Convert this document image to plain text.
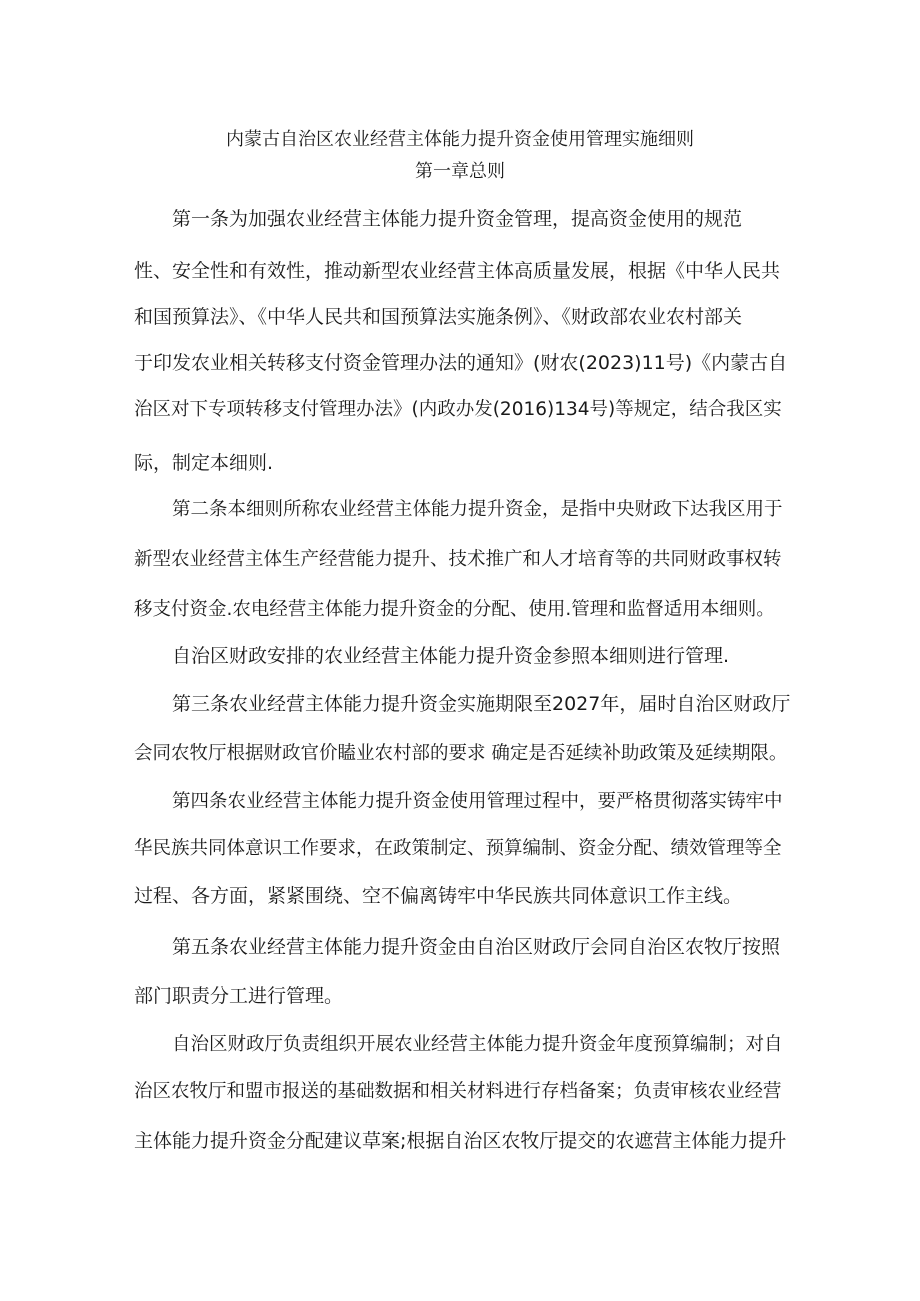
内蒙古自治区农业经营主体能力提升资金使用管理实施细则
第一章总则
第一条为加强农业经营主体能力提升资金管理，提高资金使用的规范
性、安全性和有效性，推动新型农业经营主体高质量发展，根据《中华人民共
和国预算法》、《中华人民共和国预算法实施条例》、《财政部农业农村部关
于印发农业相关转移支付资金管理办法的通知》(财农(2023)11号)《内蒙古自
治区对下专项转移支付管理办法》(内政办发(2016)134号)等规定，结合我区实
际，制定本细则.
第二条本细则所称农业经营主体能力提升资金，是指中央财政下达我区用于
新型农业经营主体生产经营能力提升、技术推广和人才培育等的共同财政事权转
移支付资金.农电经营主体能力提升资金的分配、使用.管理和监督适用本细则。
自治区财政安排的农业经营主体能力提升资金参照本细则进行管理.
第三条农业经营主体能力提升资金实施期限至2027年，届时自治区财政厅
会同农牧厅根据财政官价瞌业农村部的要求 确定是否延续补助政策及延续期限。
第四条农业经营主体能力提升资金使用管理过程中，要严格贯彻落实铸牢中
华民族共同体意识工作要求，在政策制定、预算编制、资金分配、绩效管理等全
过程、各方面，紧紧围绕、空不偏离铸牢中华民族共同体意识工作主线。
第五条农业经营主体能力提升资金由自治区财政厅会同自治区农牧厅按照
部门职责分工进行管理。
自治区财政厅负责组织开展农业经营主体能力提升资金年度预算编制；对自
治区农牧厅和盟市报送的基础数据和相关材料进行存档备案；负责审核农业经营
主体能力提升资金分配建议草案;根据自治区农牧厅提交的农遮营主体能力提升
